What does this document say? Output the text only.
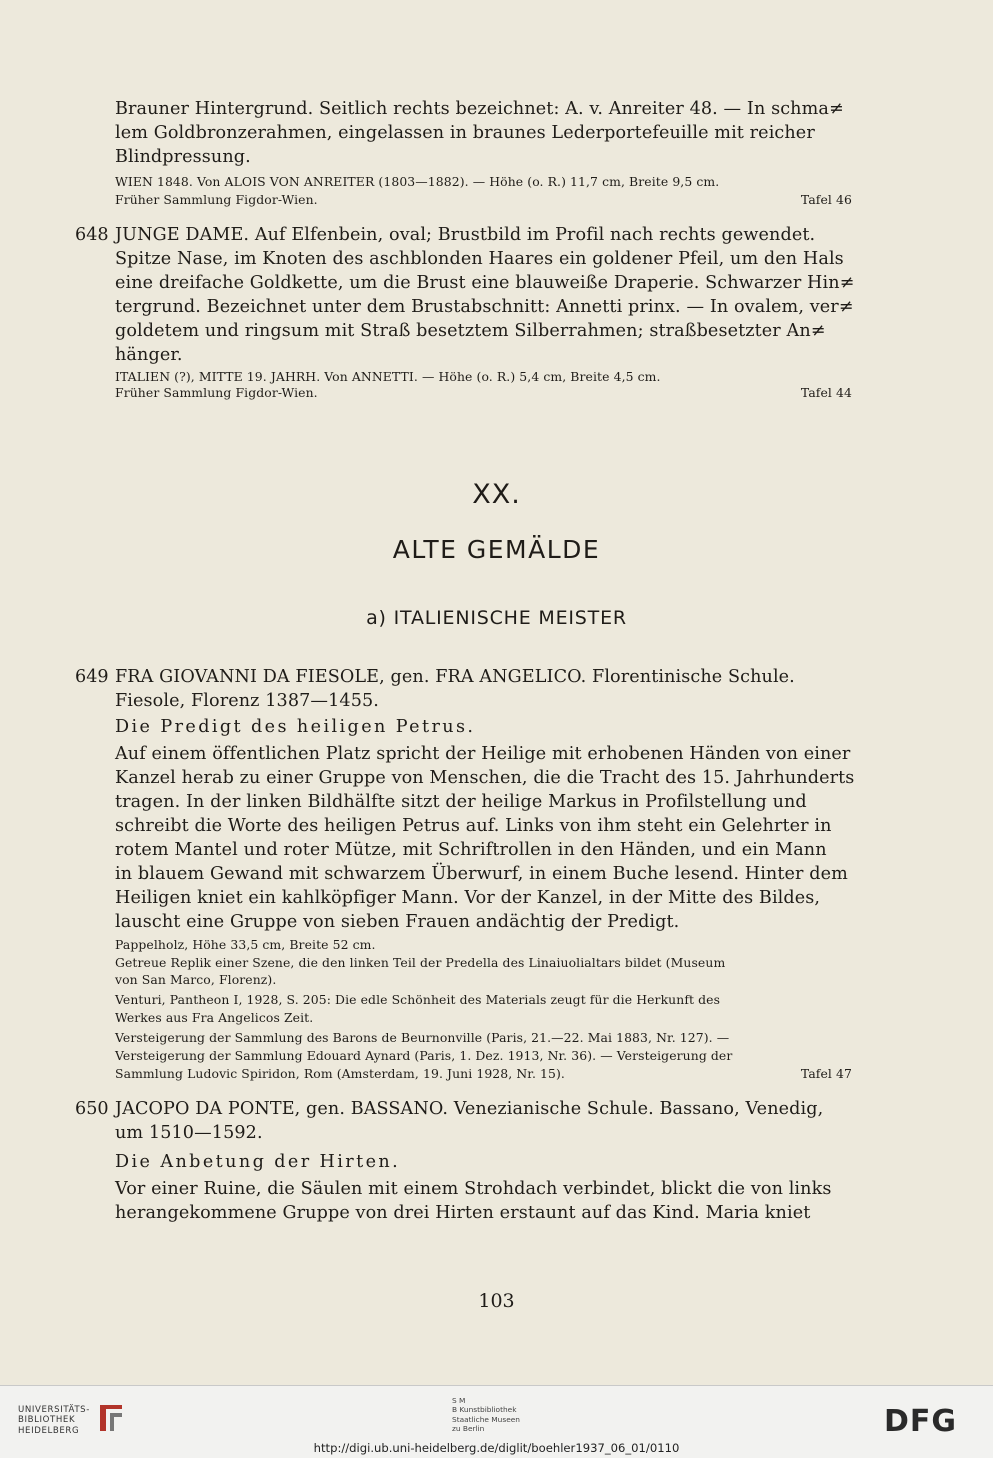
Brauner Hintergrund. Seitlich rechts bezeichnet: A. v. Anreiter 48. — In schma≠
lem Goldbronzerahmen, eingelassen in braunes Lederportefeuille mit reicher
Blindpressung.
WIEN 1848. Von ALOIS VON ANREITER (1803—1882). — Höhe (o. R.) 11,7 cm, Breite 9,5 cm.
Früher Sammlung Figdor-Wien.	Tafel 46
648 JUNGE DAME. Auf Elfenbein, oval; Brustbild im Profil nach rechts gewendet.
Spitze Nase, im Knoten des aschblonden Haares ein goldener Pfeil, um den Hals
eine dreifache Goldkette, um die Brust eine blauweiße Draperie. Schwarzer Hin≠
tergrund. Bezeichnet unter dem Brustabschnitt: Annetti prinx. — In ovalem, ver≠
goldetem und ringsum mit Straß besetztem Silberrahmen; straßbesetzter An≠
hänger.
ITALIEN (?), MITTE 19. JAHRH. Von ANNETTI. — Höhe (o. R.) 5,4 cm, Breite 4,5 cm.
Früher Sammlung Figdor-Wien.	Tafel 44
XX.
ALTE GEMÄLDE
a) ITALIENISCHE MEISTER
649 FRA GIOVANNI DA FIESOLE, gen. FRA ANGELICO. Florentinische Schule.
Fiesole, Florenz 1387—1455.
Die Predigt des heiligen Petrus.
Auf einem öffentlichen Platz spricht der Heilige mit erhobenen Händen von einer
Kanzel herab zu einer Gruppe von Menschen, die die Tracht des 15. Jahrhunderts
tragen. In der linken Bildhälfte sitzt der heilige Markus in Profilstellung und
schreibt die Worte des heiligen Petrus auf. Links von ihm steht ein Gelehrter in
rotem Mantel und roter Mütze, mit Schriftrollen in den Händen, und ein Mann
in blauem Gewand mit schwarzem Überwurf, in einem Buche lesend. Hinter dem
Heiligen kniet ein kahlköpfiger Mann. Vor der Kanzel, in der Mitte des Bildes,
lauscht eine Gruppe von sieben Frauen andächtig der Predigt.
Pappelholz, Höhe 33,5 cm, Breite 52 cm.
Getreue Replik einer Szene, die den linken Teil der Predella des Linaiuolialtars bildet (Museum
von San Marco, Florenz).
Venturi, Pantheon I, 1928, S. 205: Die edle Schönheit des Materials zeugt für die Herkunft des
Werkes aus Fra Angelicos Zeit.
Versteigerung der Sammlung des Barons de Beurnonville (Paris, 21.—22. Mai 1883, Nr. 127). —
Versteigerung der Sammlung Edouard Aynard (Paris, 1. Dez. 1913, Nr. 36). — Versteigerung der
Sammlung Ludovic Spiridon, Rom (Amsterdam, 19. Juni 1928, Nr. 15).	Tafel 47
650 JACOPO DA PONTE, gen. BASSANO. Venezianische Schule. Bassano, Venedig,
um 1510—1592.
Die Anbetung der Hirten.
Vor einer Ruine, die Säulen mit einem Strohdach verbindet, blickt die von links
herangekommene Gruppe von drei Hirten erstaunt auf das Kind. Maria kniet
103
UNIVERSITÄTS-
BIBLIOTHEK
HEIDELBERG
S M
B Kunstbibliothek
Staatliche Museen
zu Berlin	DFG
http://digi.ub.uni-heidelberg.de/diglit/boehler1937_06_01/0110
